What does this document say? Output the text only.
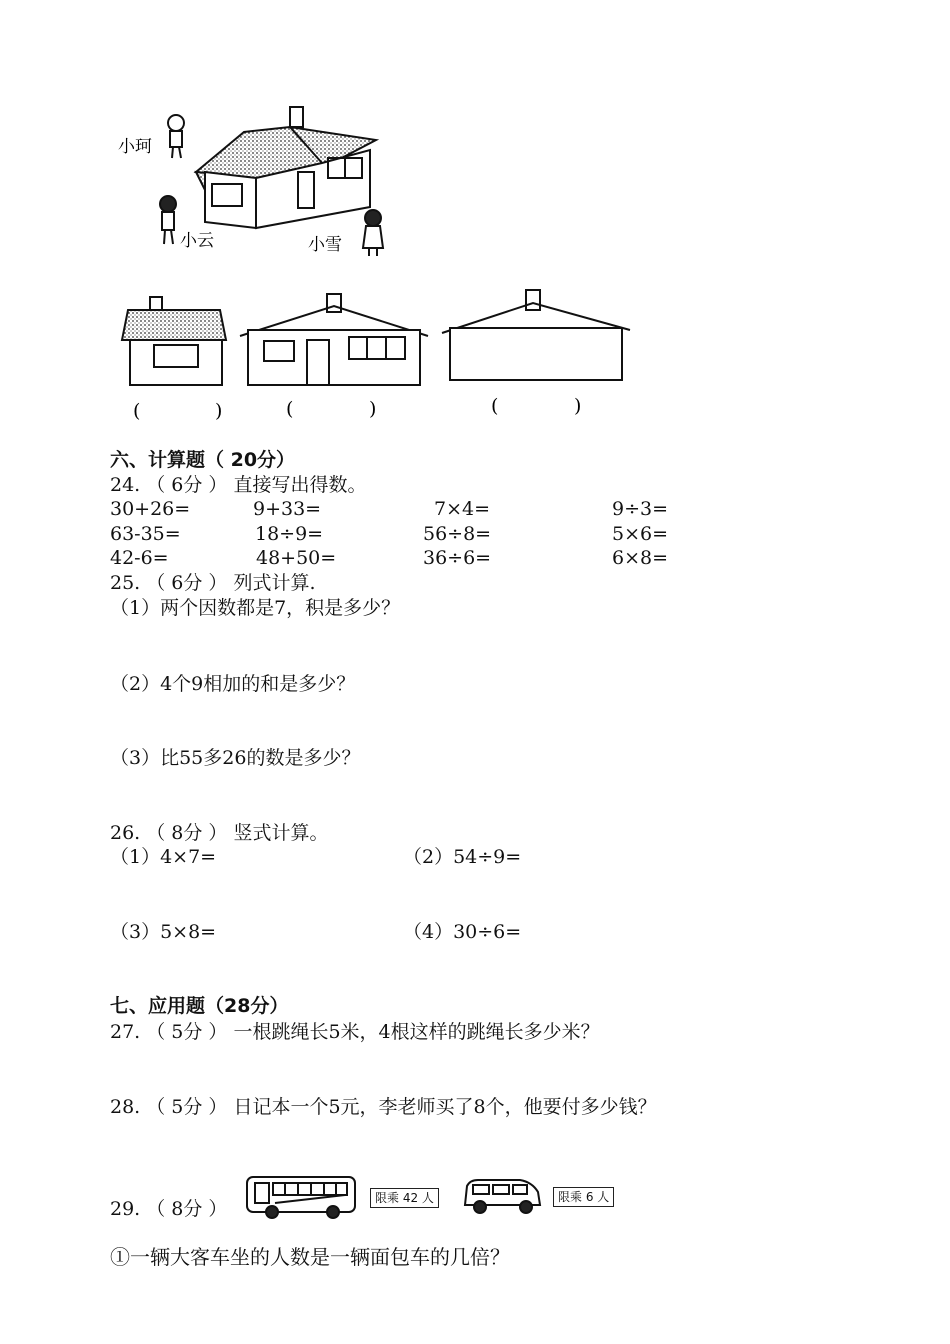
小珂
小云	小雪
(	)	(	)	(	)
六、计算题（ 20分）
24. （ 6分 ） 直接写出得数。
30+26=	9+33=	7×4=	9÷3=
63-35=	18÷9=	56÷8=	5×6=
42-6=	48+50=	36÷6=	6×8=
25. （ 6分 ） 列式计算.
（1）两个因数都是7，积是多少？
（2）4个9相加的和是多少？
（3）比55多26的数是多少？
26. （ 8分 ） 竖式计算。
（1）4×7=	（2）54÷9=
（3）5×8=	（4）30÷6=
七、应用题（28分）
27. （ 5分 ） 一根跳绳长5米，4根这样的跳绳长多少米？
28. （ 5分 ） 日记本一个5元，李老师买了8个，他要付多少钱？
29. （ 8分 ）	限乘 42 人	限乘 6 人
①一辆大客车坐的人数是一辆面包车的几倍？
